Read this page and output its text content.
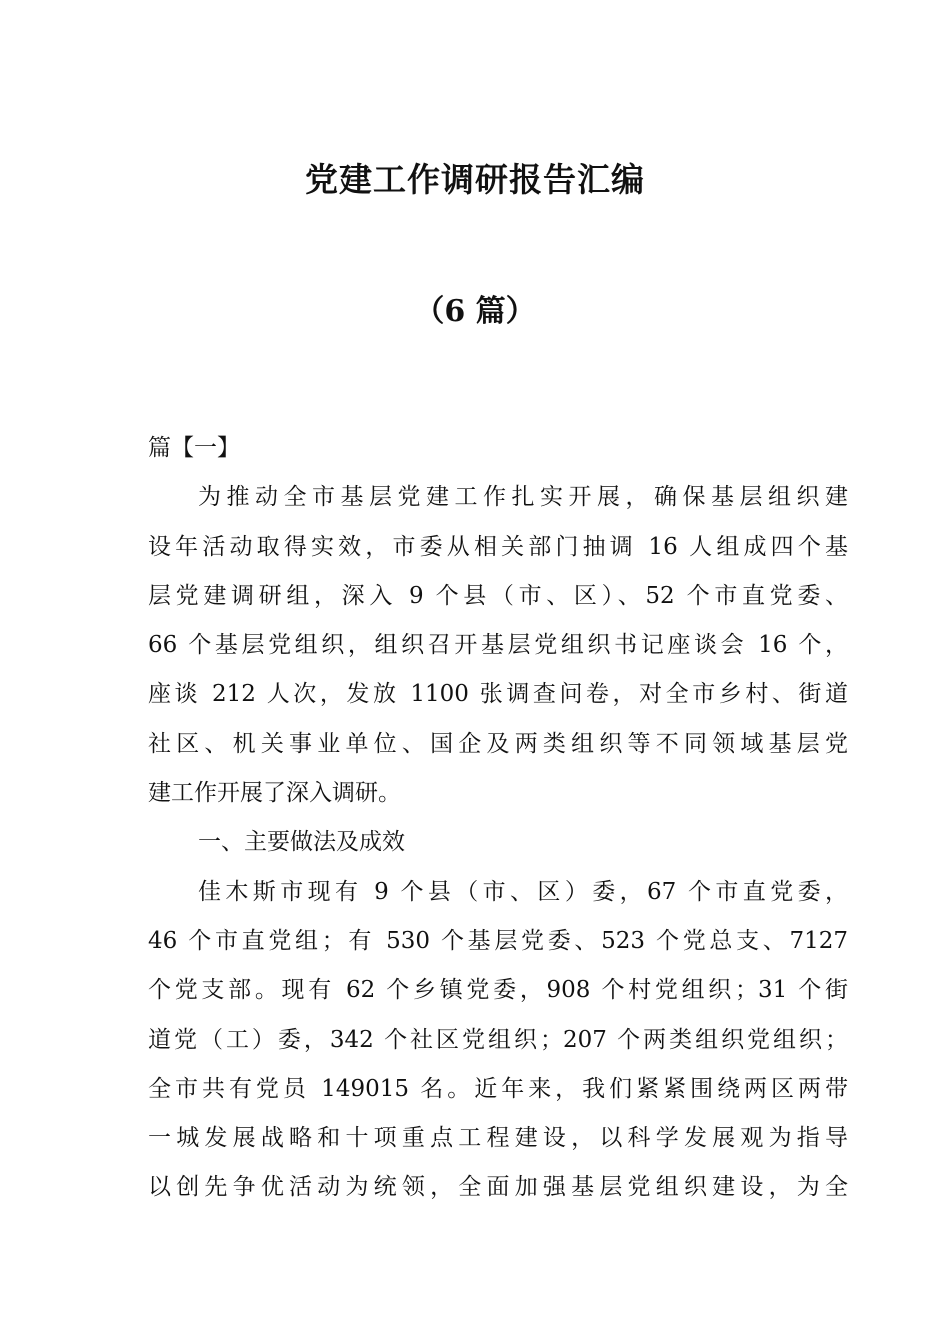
党建工作调研报告汇编
（6 篇）
篇【一】
为推动全市基层党建工作扎实开展，确保基层组织建
设年活动取得实效，市委从相关部门抽调 16 人组成四个基
层党建调研组，深入 9 个县（市、区）、52 个市直党委、
66 个基层党组织，组织召开基层党组织书记座谈会 16 个，
座谈 212 人次，发放 1100 张调查问卷，对全市乡村、街道
社区、机关事业单位、国企及两类组织等不同领域基层党
建工作开展了深入调研。
一、主要做法及成效
佳木斯市现有 9 个县（市、区）委，67 个市直党委，
46 个市直党组；有 530 个基层党委、523 个党总支、7127
个党支部。现有 62 个乡镇党委，908 个村党组织；31 个街
道党（工）委，342 个社区党组织；207 个两类组织党组织；
全市共有党员 149015 名。近年来，我们紧紧围绕两区两带
一城发展战略和十项重点工程建设，以科学发展观为指导
以创先争优活动为统领，全面加强基层党组织建设，为全
